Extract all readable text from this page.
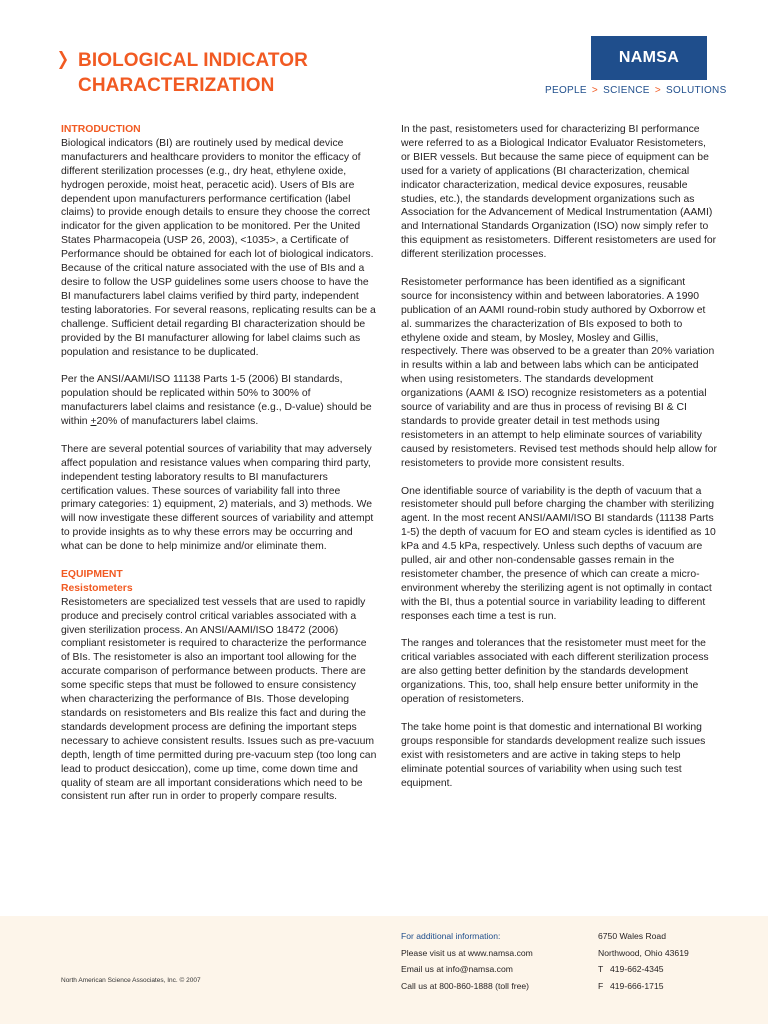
BIOLOGICAL INDICATOR
CHARACTERIZATION
NAMSA
PEOPLE > SCIENCE > SOLUTIONS
INTRODUCTION

Biological indicators (BI) are routinely used by medical device manufacturers and healthcare providers to monitor the efficacy of different sterilization processes (e.g., dry heat, ethylene oxide, hydrogen peroxide, moist heat, peracetic acid). Users of BIs are dependent upon manufacturers performance certification (label claims) to provide enough details to ensure they choose the correct indicator for the given application to be monitored. Per the United States Pharmacopeia (USP 26, 2003), <1035>, a Certificate of Performance should be obtained for each lot of biological indicators. Because of the critical nature associated with the use of BIs and a desire to follow the USP guidelines some users choose to have the BI manufacturers label claims verified by third party, independent testing laboratories. For several reasons, replicating results can be a challenge. Sufficient detail regarding BI characterization should be provided by the BI manufacturer allowing for label claims such as population and resistance to be duplicated.

Per the ANSI/AAMI/ISO 11138 Parts 1-5 (2006) BI standards, population should be replicated within 50% to 300% of manufacturers label claims and resistance (e.g., D-value) should be within +20% of manufacturers label claims.

There are several potential sources of variability that may adversely affect population and resistance values when comparing third party, independent testing laboratory results to BI manufacturers certification values. These sources of variability fall into three primary categories: 1) equipment, 2) materials, and 3) methods. We will now investigate these different sources of variability and attempt to provide insights as to why these errors may be occurring and what can be done to help minimize and/or eliminate them.

EQUIPMENT
Resistometers

Resistometers are specialized test vessels that are used to rapidly produce and precisely control critical variables associated with a given sterilization process. An ANSI/AAMI/ISO 18472 (2006) compliant resistometer is required to characterize the performance of BIs. The resistometer is also an important tool allowing for the accurate comparison of performance between products. There are some specific steps that must be followed to ensure consistency when characterizing the performance of BIs. Those developing standards on resistometers and BIs realize this fact and during the standards development process are defining the important steps necessary to achieve consistent results. Issues such as pre-vacuum depth, length of time permitted during pre-vacuum step (too long can lead to product desiccation), come up time, come down time and quality of steam are all important considerations which need to be consistent run after run in order to properly compare results.

In the past, resistometers used for characterizing BI performance were referred to as a Biological Indicator Evaluator Resistometers, or BIER vessels. But because the same piece of equipment can be used for a variety of applications (BI characterization, chemical indicator characterization, medical device exposures, reusable studies, etc.), the standards development organizations such as Association for the Advancement of Medical Instrumentation (AAMI) and International Standards Organization (ISO) now simply refer to this equipment as resistometers. Different resistometers are used for different sterilization processes.

Resistometer performance has been identified as a significant source for inconsistency within and between laboratories. A 1990 publication of an AAMI round-robin study authored by Oxborrow et al. summarizes the characterization of BIs exposed to both to ethylene oxide and steam, by Mosley, Mosley and Gillis, respectively. There was observed to be a greater than 20% variation in results within a lab and between labs which can be anticipated when using resistometers. The standards development organizations (AAMI & ISO) recognize resistometers as a potential source of variability and are thus in process of revising BI & CI standards to provide greater detail in test methods using resistometers in an attempt to help eliminate sources of variability caused by resistometers. Revised test methods should help allow for resistometers to provide more consistent results.

One identifiable source of variability is the depth of vacuum that a resistometer should pull before charging the chamber with sterilizing agent. In the most recent ANSI/AAMI/ISO BI standards (11138 Parts 1-5) the depth of vacuum for EO and steam cycles is identified as 10 kPa and 4.5 kPa, respectively. Unless such depths of vacuum are pulled, air and other non-condensable gasses remain in the resistometer chamber, the presence of which can create a micro-environment whereby the sterilizing agent is not optimally in contact with the BI, thus a potential source in variability leading to different responses each time a test is run.

The ranges and tolerances that the resistometer must meet for the critical variables associated with each different sterilization process are also getting better definition by the standards development organizations. This, too, shall help ensure better uniformity in the operation of resistometers.

The take home point is that domestic and international BI working groups responsible for standards development realize such issues exist with resistometers and are active in taking steps to help eliminate potential sources of variability when using such test equipment.

North American Science Associates, Inc. © 2007
For additional information:
Please visit us at www.namsa.com
Email us at info@namsa.com
Call us at 800-860-1888 (toll free)
6750 Wales Road
Northwood, Ohio 43619
T 419-662-4345
F 419-666-1715
